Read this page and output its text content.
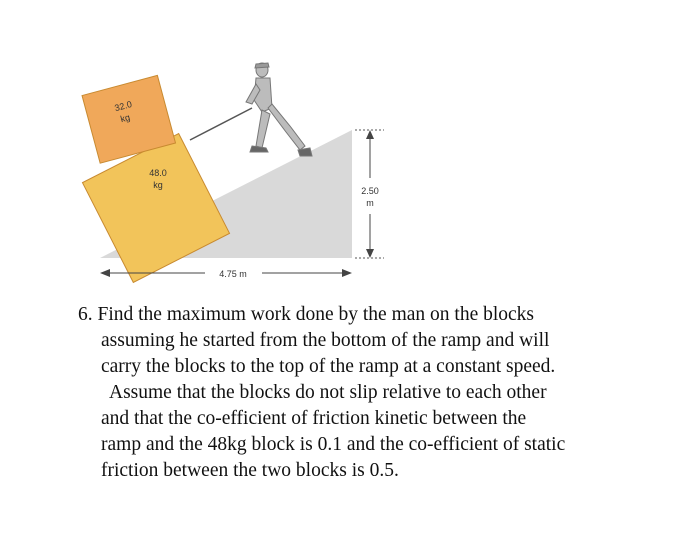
48.0
kg
32.0
kg
2.50
m
4.75 m
6. Find the maximum work done by the man on the blocks
assuming he started from the bottom of the ramp and will
carry the blocks to the top of the ramp at a constant speed.
Assume that the blocks do not slip relative to each other
and that the co-efficient of friction kinetic between the
ramp and the 48kg block is 0.1 and the co-efficient of static
friction between the two blocks is 0.5.
